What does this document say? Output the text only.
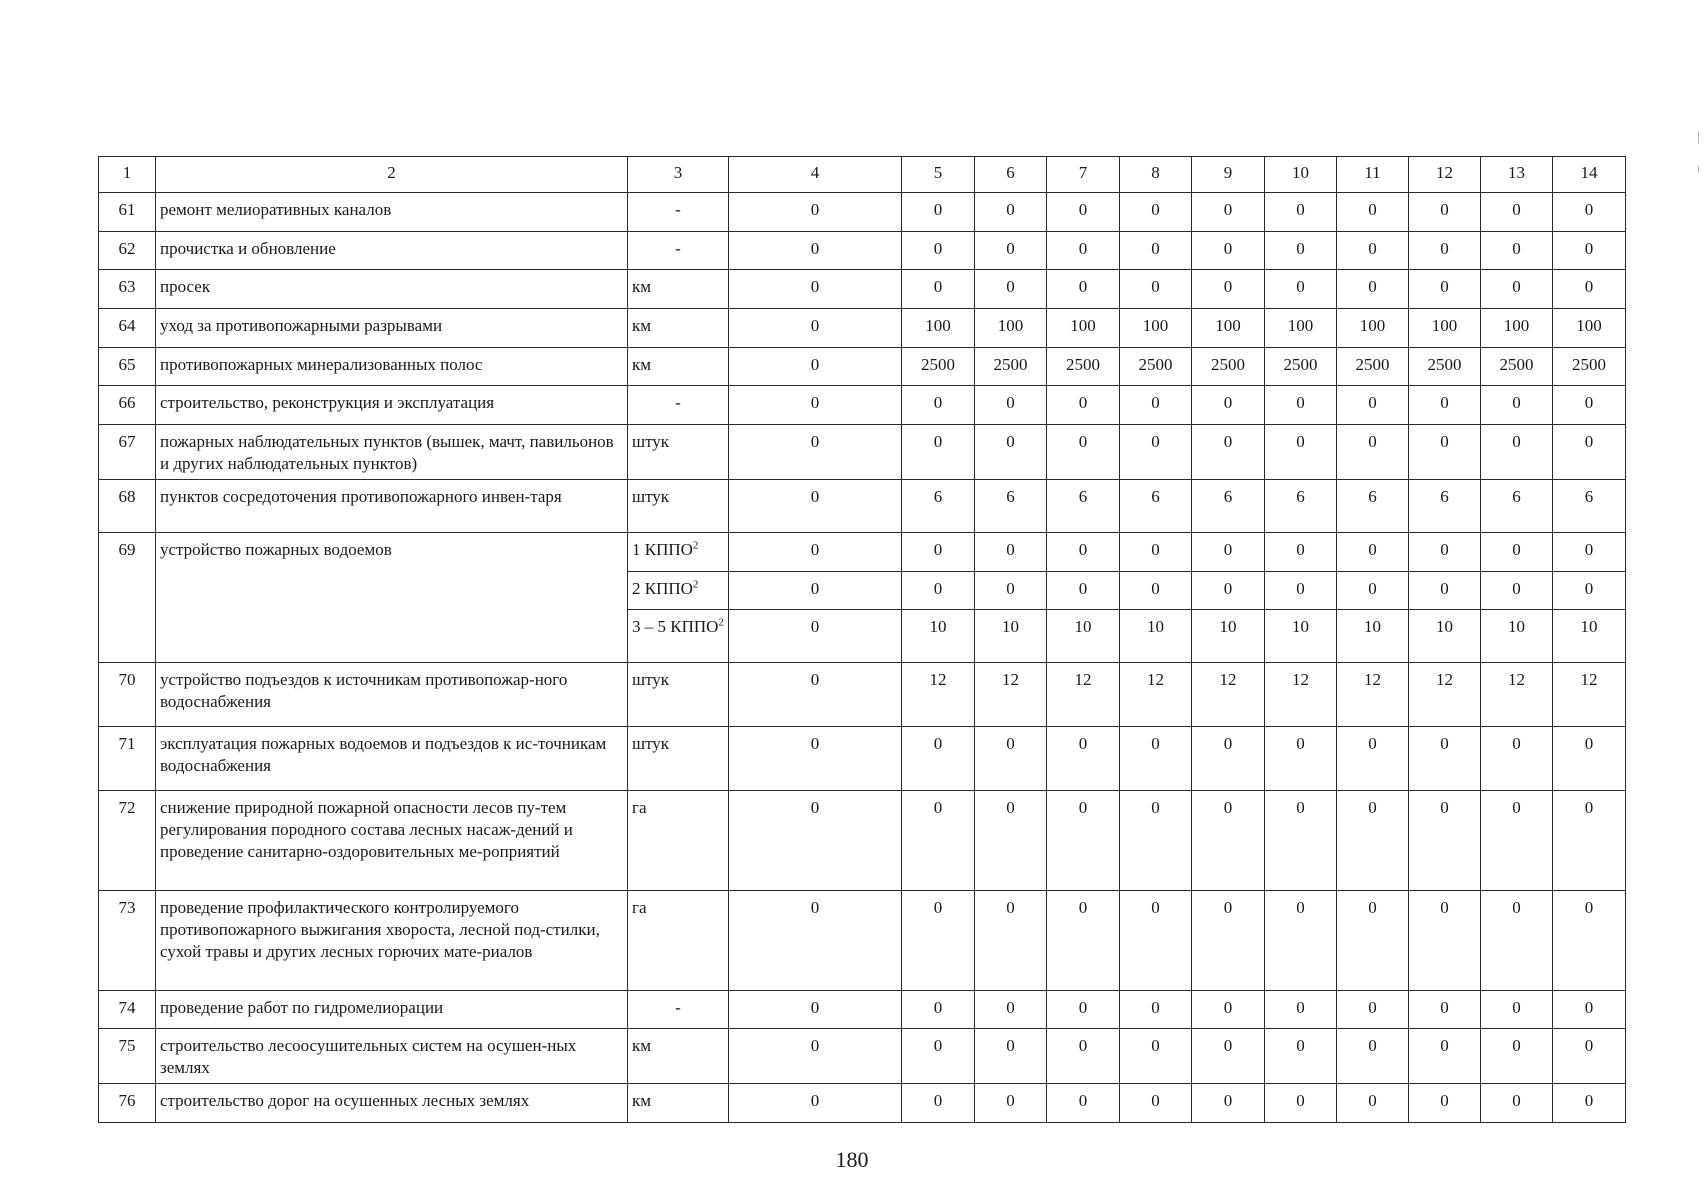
1	2	3	4	5	6	7	8	9	10	11	12	13	14
61	ремонт мелиоративных каналов	-	0	0	0	0	0	0	0	0	0	0	0
62	прочистка и обновление	-	0	0	0	0	0	0	0	0	0	0	0
63	просек	км	0	0	0	0	0	0	0	0	0	0	0
64	уход за противопожарными разрывами	км	0	100	100	100	100	100	100	100	100	100	100
65	противопожарных минерализованных полос	км	0	2500	2500	2500	2500	2500	2500	2500	2500	2500	2500
66	строительство, реконструкция и эксплуатация	-	0	0	0	0	0	0	0	0	0	0	0
67	пожарных наблюдательных пунктов (вышек, мачт, павильонов и других наблюдательных пунктов)	штук	0	0	0	0	0	0	0	0	0	0	0
68	пунктов сосредоточения противопожарного инвен-таря	штук	0	6	6	6	6	6	6	6	6	6	6
69	устройство пожарных водоемов	1 КППО$^2$	0	0	0	0	0	0	0	0	0	0	0
		2 КППО$^2$	0	0	0	0	0	0	0	0	0	0	0
		3 – 5 КППО$^2$	0	10	10	10	10	10	10	10	10	10	10
70	устройство подъездов к источникам противопожар-ного водоснабжения	штук	0	12	12	12	12	12	12	12	12	12	12
71	эксплуатация пожарных водоемов и подъездов к ис-точникам водоснабжения	штук	0	0	0	0	0	0	0	0	0	0	0
72	снижение природной пожарной опасности лесов пу-тем регулирования породного состава лесных насаж-дений и проведение санитарно-оздоровительных ме-роприятий	га	0	0	0	0	0	0	0	0	0	0	0
73	проведение профилактического контролируемого противопожарного выжигания хвороста, лесной под-стилки, сухой травы и других лесных горючих мате-риалов	га	0	0	0	0	0	0	0	0	0	0	0
74	проведение работ по гидромелиорации	-	0	0	0	0	0	0	0	0	0	0	0
75	строительство лесоосушительных систем на осушен-ных землях	км	0	0	0	0	0	0	0	0	0	0	0
76	строительство дорог на осушенных лесных землях	км	0	0	0	0	0	0	0	0	0	0	0
180
